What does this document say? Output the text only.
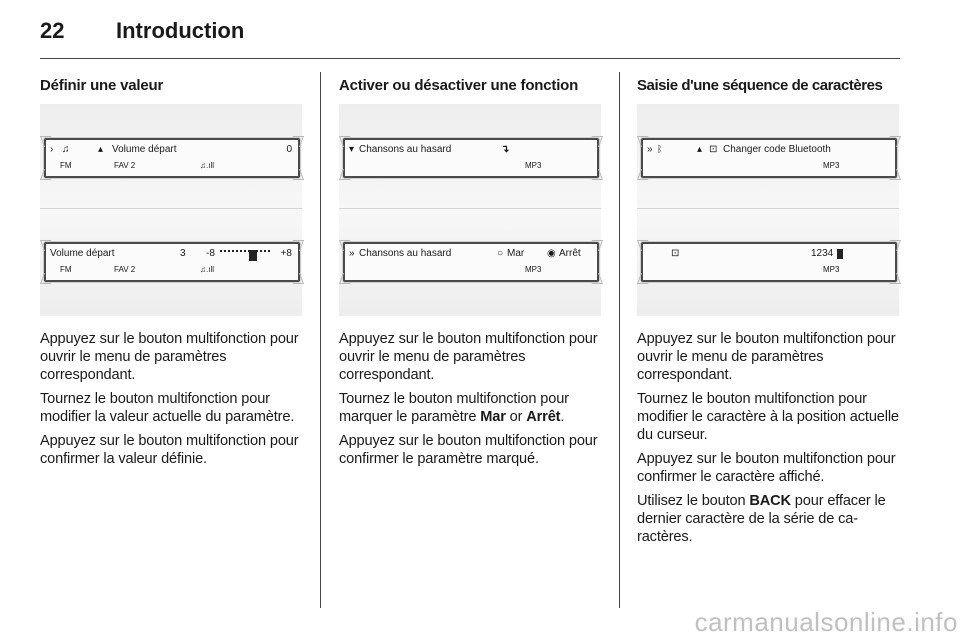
22 Introduction
Définir une valeur
› ♫	▴ Volume départ	0
FM	FAV 2	♫.ıll
Volume départ	3 -8	+8
FM	FAV 2	♫.ıll

Appuyez sur le bouton multifonction pour ouvrir le menu de paramètres correspondant.

Tournez le bouton multifonction pour modifier la valeur actuelle du paramètre.

Appuyez sur le bouton multifonction pour confirmer la valeur définie.

Activer ou désactiver une fonction
▾ Chansons au hasard	↴
MP3
» Chansons au hasard	○ Mar ◉ Arrêt
MP3

Appuyez sur le bouton multifonction pour ouvrir le menu de paramètres correspondant.

Tournez le bouton multifonction pour marquer le paramètre Mar or Arrêt.

Appuyez sur le bouton multifonction pour confirmer le paramètre marqué.

Saisie d'une séquence de caractères
» ᛒ	▴ ⊡ Changer code Bluetooth
MP3
⊡	1234
MP3

Appuyez sur le bouton multifonction pour ouvrir le menu de paramètres correspondant.

Tournez le bouton multifonction pour modifier le caractère à la position actuelle du curseur.

Appuyez sur le bouton multifonction pour confirmer le caractère affiché.

Utilisez le bouton BACK pour effacer le dernier caractère de la série de caractères.

carmanualsonline.info
